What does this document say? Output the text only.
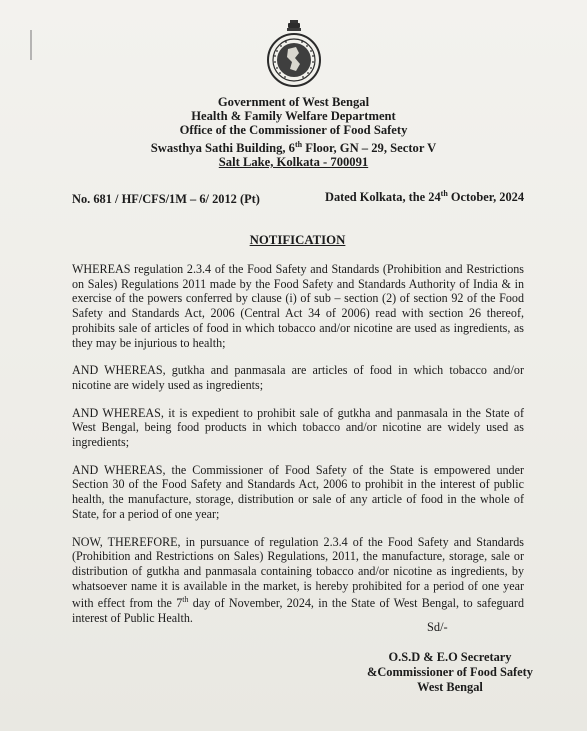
Government of West Bengal
Health & Family Welfare Department
Office of the Commissioner of Food Safety
Swasthya Sathi Building, 6th Floor, GN – 29, Sector V
Salt Lake, Kolkata - 700091
No. 681 / HF/CFS/1M – 6/ 2012 (Pt)	Dated Kolkata, the 24th October, 2024
NOTIFICATION

WHEREAS regulation 2.3.4 of the Food Safety and Standards (Prohibition and Restrictions on Sales) Regulations 2011 made by the Food Safety and Standards Authority of India & in exercise of the powers conferred by clause (i) of sub – section (2) of section 92 of the Food Safety and Standards Act, 2006 (Central Act 34 of 2006) read with section 26 thereof, prohibits sale of articles of food in which tobacco and/or nicotine are used as ingredients, as they may be injurious to health;

AND WHEREAS, gutkha and panmasala are articles of food in which tobacco and/or nicotine are widely used as ingredients;

AND WHEREAS, it is expedient to prohibit sale of gutkha and panmasala in the State of West Bengal, being food products in which tobacco and/or nicotine are widely used as ingredients;

AND WHEREAS, the Commissioner of Food Safety of the State is empowered under Section 30 of the Food Safety and Standards Act, 2006 to prohibit in the interest of public health, the manufacture, storage, distribution or sale of any article of food in the whole of State, for a period of one year;

NOW, THEREFORE, in pursuance of regulation 2.3.4 of the Food Safety and Standards (Prohibition and Restrictions on Sales) Regulations, 2011, the manufacture, storage, sale or distribution of gutkha and panmasala containing tobacco and/or nicotine as ingredients, by whatsoever name it is available in the market, is hereby prohibited for a period of one year with effect from the 7th day of November, 2024, in the State of West Bengal, to safeguard interest of Public Health.

Sd/-
O.S.D & E.O Secretary
&Commissioner of Food Safety
West Bengal
